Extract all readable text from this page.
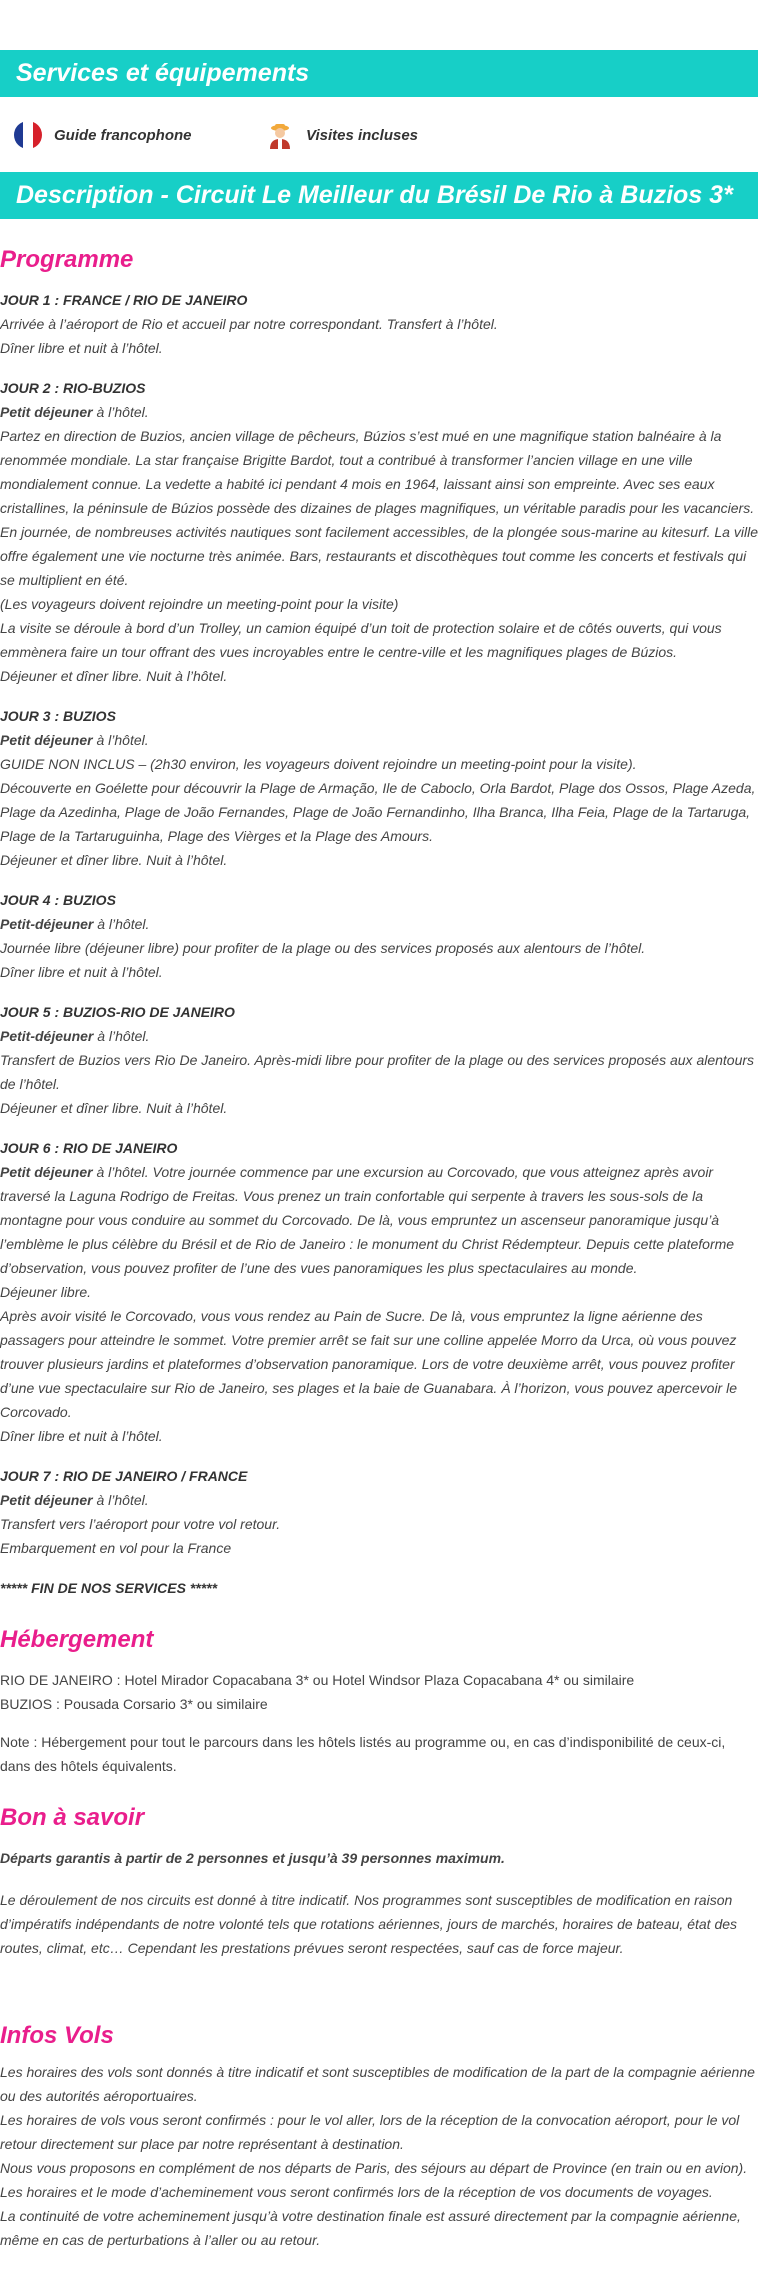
Services et équipements
Guide francophone	Visites incluses
Description - Circuit Le Meilleur du Brésil De Rio à Buzios 3*
Programme
JOUR 1 : FRANCE / RIO DE JANEIRO

Arrivée à l’aéroport de Rio et accueil par notre correspondant. Transfert à l’hôtel.

Dîner libre et nuit à l’hôtel.

JOUR 2 : RIO-BUZIOS

Petit déjeuner à l’hôtel.

Partez en direction de Buzios, ancien village de pêcheurs, Búzios s’est mué en une magnifique station balnéaire à la renommée mondiale. La star française Brigitte Bardot, tout a contribué à transformer l’ancien village en une ville mondialement connue. La vedette a habité ici pendant 4 mois en 1964, laissant ainsi son empreinte. Avec ses eaux cristallines, la péninsule de Búzios possède des dizaines de plages magnifiques, un véritable paradis pour les vacanciers. En journée, de nombreuses activités nautiques sont facilement accessibles, de la plongée sous-marine au kitesurf. La ville offre également une vie nocturne très animée. Bars, restaurants et discothèques tout comme les concerts et festivals qui se multiplient en été.

(Les voyageurs doivent rejoindre un meeting-point pour la visite)

La visite se déroule à bord d’un Trolley, un camion équipé d’un toit de protection solaire et de côtés ouverts, qui vous emmènera faire un tour offrant des vues incroyables entre le centre-ville et les magnifiques plages de Búzios.

Déjeuner et dîner libre. Nuit à l’hôtel.

JOUR 3 : BUZIOS

Petit déjeuner à l’hôtel.

GUIDE NON INCLUS – (2h30 environ, les voyageurs doivent rejoindre un meeting-point pour la visite).

Découverte en Goélette pour découvrir la Plage de Armação, Ile de Caboclo, Orla Bardot, Plage dos Ossos, Plage Azeda, Plage da Azedinha, Plage de João Fernandes, Plage de João Fernandinho, Ilha Branca, Ilha Feia, Plage de la Tartaruga, Plage de la Tartaruguinha, Plage des Vièrges et la Plage des Amours.

Déjeuner et dîner libre. Nuit à l’hôtel.

JOUR 4 : BUZIOS

Petit-déjeuner à l’hôtel.

Journée libre (déjeuner libre) pour profiter de la plage ou des services proposés aux alentours de l’hôtel.

Dîner libre et nuit à l’hôtel.

JOUR 5 : BUZIOS-RIO DE JANEIRO

Petit-déjeuner à l’hôtel.

Transfert de Buzios vers Rio De Janeiro. Après-midi libre pour profiter de la plage ou des services proposés aux alentours de l’hôtel.

Déjeuner et dîner libre. Nuit à l’hôtel.

JOUR 6 : RIO DE JANEIRO

Petit déjeuner à l’hôtel. Votre journée commence par une excursion au Corcovado, que vous atteignez après avoir traversé la Laguna Rodrigo de Freitas. Vous prenez un train confortable qui serpente à travers les sous-sols de la montagne pour vous conduire au sommet du Corcovado. De là, vous empruntez un ascenseur panoramique jusqu’à l’emblème le plus célèbre du Brésil et de Rio de Janeiro : le monument du Christ Rédempteur. Depuis cette plateforme d’observation, vous pouvez profiter de l’une des vues panoramiques les plus spectaculaires au monde.

Déjeuner libre.

Après avoir visité le Corcovado, vous vous rendez au Pain de Sucre. De là, vous empruntez la ligne aérienne des passagers pour atteindre le sommet. Votre premier arrêt se fait sur une colline appelée Morro da Urca, où vous pouvez trouver plusieurs jardins et plateformes d’observation panoramique. Lors de votre deuxième arrêt, vous pouvez profiter d’une vue spectaculaire sur Rio de Janeiro, ses plages et la baie de Guanabara. À l’horizon, vous pouvez apercevoir le Corcovado.

Dîner libre et nuit à l’hôtel.

JOUR 7 : RIO DE JANEIRO / FRANCE

Petit déjeuner à l’hôtel.

Transfert vers l’aéroport pour votre vol retour.

Embarquement en vol pour la France

***** FIN DE NOS SERVICES *****
Hébergement

RIO DE JANEIRO : Hotel Mirador Copacabana 3* ou Hotel Windsor Plaza Copacabana 4* ou similaire

BUZIOS : Pousada Corsario 3* ou similaire

Note : Hébergement pour tout le parcours dans les hôtels listés au programme ou, en cas d’indisponibilité de ceux-ci, dans des hôtels équivalents.

Bon à savoir

Départs garantis à partir de 2 personnes et jusqu’à 39 personnes maximum.

Le déroulement de nos circuits est donné à titre indicatif. Nos programmes sont susceptibles de modification en raison d’impératifs indépendants de notre volonté tels que rotations aériennes, jours de marchés, horaires de bateau, état des routes, climat, etc… Cependant les prestations prévues seront respectées, sauf cas de force majeur.

Infos Vols

Les horaires des vols sont donnés à titre indicatif et sont susceptibles de modification de la part de la compagnie aérienne ou des autorités aéroportuaires.

Les horaires de vols vous seront confirmés : pour le vol aller, lors de la réception de la convocation aéroport, pour le vol retour directement sur place par notre représentant à destination.

Nous vous proposons en complément de nos départs de Paris, des séjours au départ de Province (en train ou en avion).

Les horaires et le mode d’acheminement vous seront confirmés lors de la réception de vos documents de voyages.

La continuité de votre acheminement jusqu’à votre destination finale est assuré directement par la compagnie aérienne, même en cas de perturbations à l’aller ou au retour.
